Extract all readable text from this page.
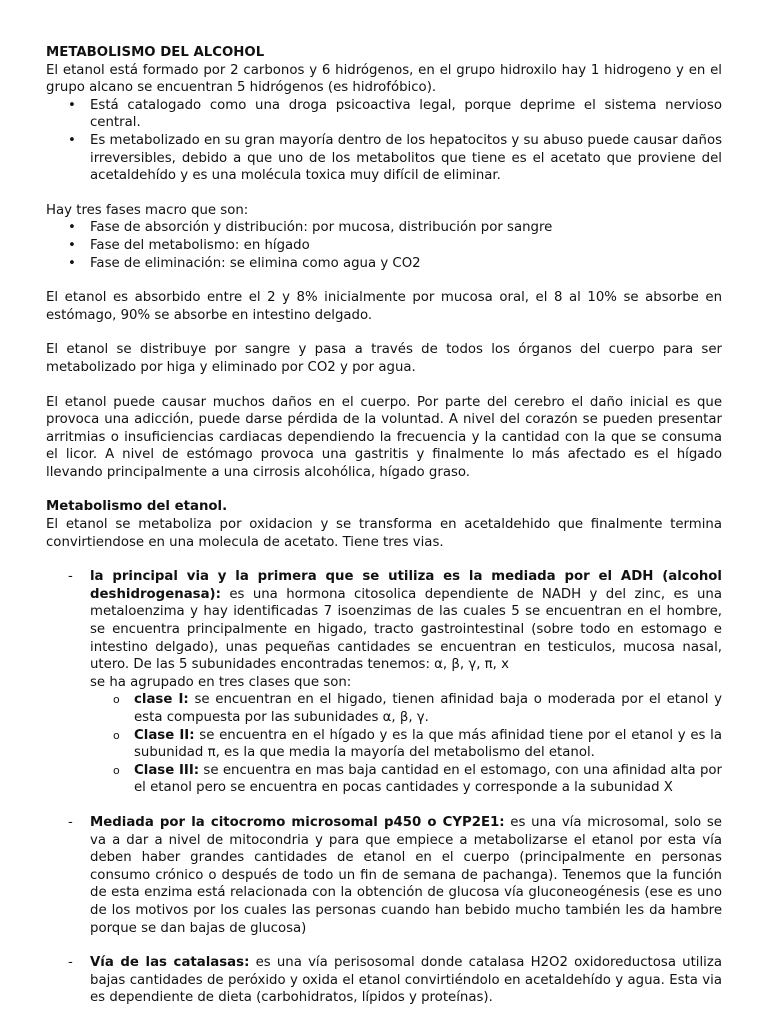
METABOLISMO DEL ALCOHOL

El etanol está formado por 2 carbonos y 6 hidrógenos, en el grupo hidroxilo hay 1 hidrogeno y en el grupo alcano se encuentran 5 hidrógenos (es hidrofóbico).

• Está catalogado como una droga psicoactiva legal, porque deprime el sistema nervioso central.
• Es metabolizado en su gran mayoría dentro de los hepatocitos y su abuso puede causar daños irreversibles, debido a que uno de los metabolitos que tiene es el acetato que proviene del acetaldehído y es una molécula toxica muy difícil de eliminar.

Hay tres fases macro que son:

• Fase de absorción y distribución: por mucosa, distribución por sangre
• Fase del metabolismo: en hígado
• Fase de eliminación: se elimina como agua y CO2

El etanol es absorbido entre el 2 y 8% inicialmente por mucosa oral, el 8 al 10% se absorbe en estómago, 90% se absorbe en intestino delgado.

El etanol se distribuye por sangre y pasa a través de todos los órganos del cuerpo para ser metabolizado por higa y eliminado por CO2 y por agua.

El etanol puede causar muchos daños en el cuerpo. Por parte del cerebro el daño inicial es que provoca una adicción, puede darse pérdida de la voluntad. A nivel del corazón se pueden presentar arritmias o insuficiencias cardiacas dependiendo la frecuencia y la cantidad con la que se consuma el licor. A nivel de estómago provoca una gastritis y finalmente lo más afectado es el hígado llevando principalmente a una cirrosis alcohólica, hígado graso.

Metabolismo del etanol.

El etanol se metaboliza por oxidacion y se transforma en acetaldehido que finalmente termina convirtiendose en una molecula de acetato. Tiene tres vias.

- la principal via y la primera que se utiliza es la mediada por el ADH (alcohol deshidrogenasa): es una hormona citosolica dependiente de NADH y del zinc, es una metaloenzima y hay identificadas 7 isoenzimas de las cuales 5 se encuentran en el hombre, se encuentra principalmente en higado, tracto gastrointestinal (sobre todo en estomago e intestino delgado), unas pequeñas cantidades se encuentran en testiculos, mucosa nasal, utero. De las 5 subunidades encontradas tenemos: α, β, γ, π, x
se ha agrupado en tres clases que son:
o clase I: se encuentran en el higado, tienen afinidad baja o moderada por el etanol y esta compuesta por las subunidades α, β, γ.
o Clase II: se encuentra en el hígado y es la que más afinidad tiene por el etanol y es la subunidad π, es la que media la mayoría del metabolismo del etanol.
o Clase III: se encuentra en mas baja cantidad en el estomago, con una afinidad alta por el etanol pero se encuentra en pocas cantidades y corresponde a la subunidad X
- Mediada por la citocromo microsomal p450 o CYP2E1: es una vía microsomal, solo se va a dar a nivel de mitocondria y para que empiece a metabolizarse el etanol por esta vía deben haber grandes cantidades de etanol en el cuerpo (principalmente en personas consumo crónico o después de todo un fin de semana de pachanga). Tenemos que la función de esta enzima está relacionada con la obtención de glucosa vía gluconeogénesis (ese es uno de los motivos por los cuales las personas cuando han bebido mucho también les da hambre porque se dan bajas de glucosa)
- Vía de las catalasas: es una vía perisosomal donde catalasa H2O2 oxidoreductosa utiliza bajas cantidades de peróxido y oxida el etanol convirtiéndolo en acetaldehído y agua. Esta via es dependiente de dieta (carbohidratos, lípidos y proteínas).
